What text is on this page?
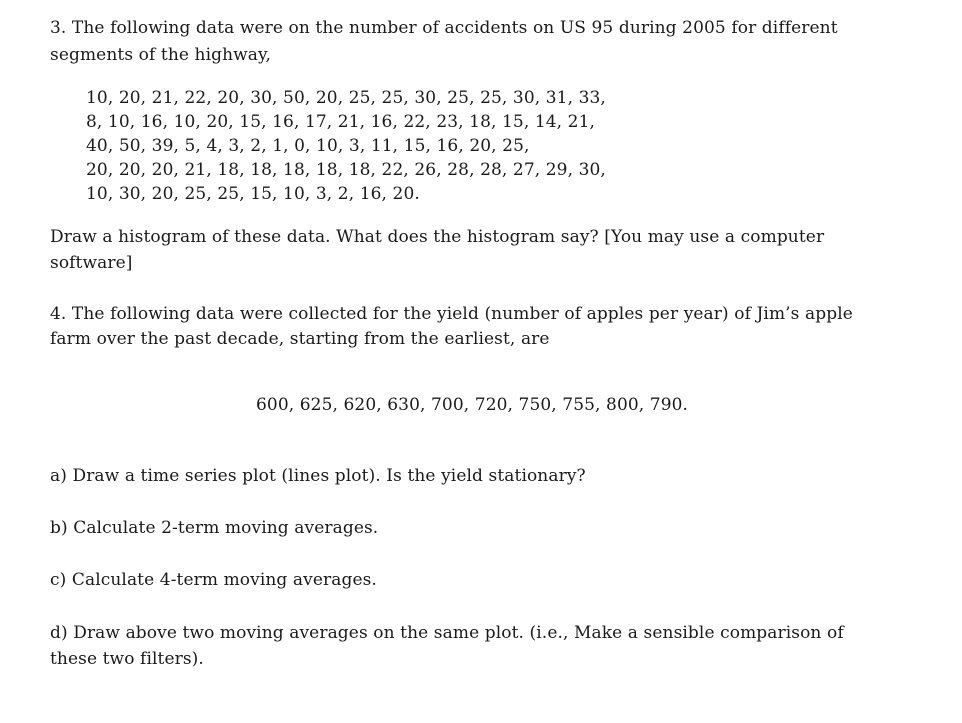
3. The following data were on the number of accidents on US 95 during 2005 for different
segments of the highway,
10, 20, 21, 22, 20, 30, 50, 20, 25, 25, 30, 25, 25, 30, 31, 33,
8, 10, 16, 10, 20, 15, 16, 17, 21, 16, 22, 23, 18, 15, 14, 21,
40, 50, 39, 5, 4, 3, 2, 1, 0, 10, 3, 11, 15, 16, 20, 25,
20, 20, 20, 21, 18, 18, 18, 18, 18, 22, 26, 28, 28, 27, 29, 30,
10, 30, 20, 25, 25, 15, 10, 3, 2, 16, 20.
Draw a histogram of these data. What does the histogram say? [You may use a computer
software]
4. The following data were collected for the yield (number of apples per year) of Jim’s apple
farm over the past decade, starting from the earliest, are
600, 625, 620, 630, 700, 720, 750, 755, 800, 790.
a) Draw a time series plot (lines plot). Is the yield stationary?
b) Calculate 2-term moving averages.
c) Calculate 4-term moving averages.
d) Draw above two moving averages on the same plot. (i.e., Make a sensible comparison of
these two filters).
